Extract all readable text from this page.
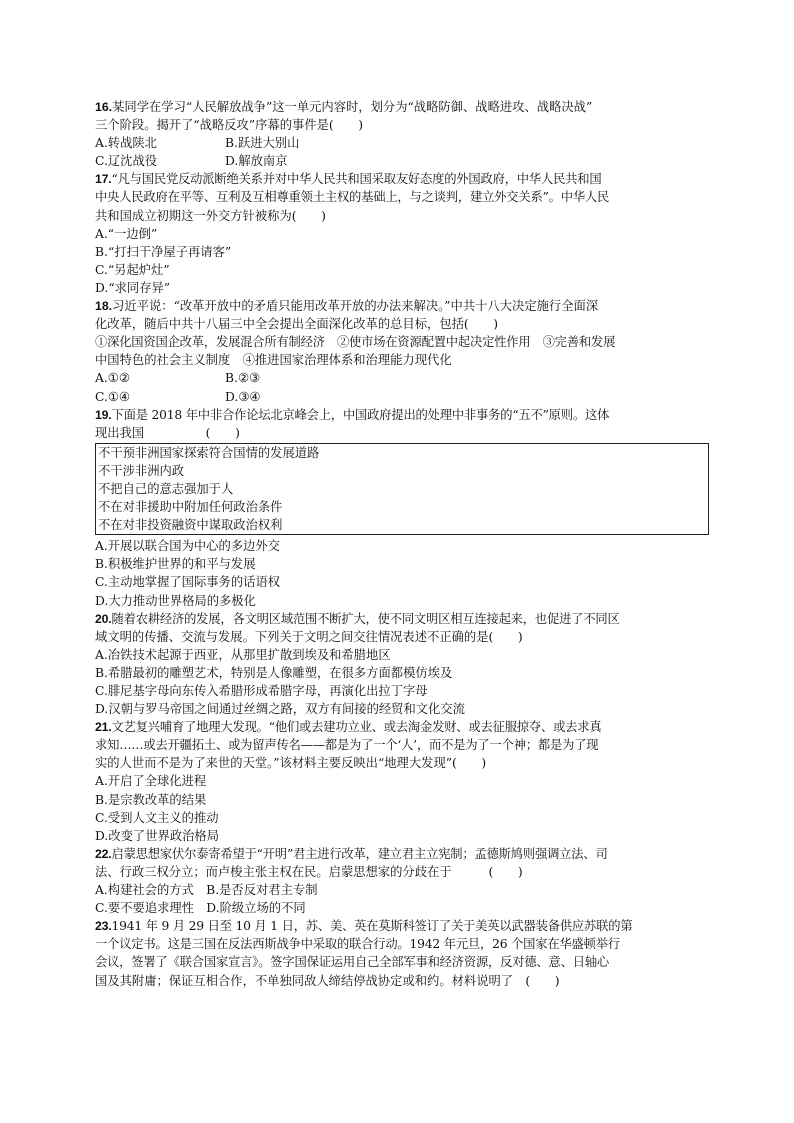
16.某同学在学习“人民解放战争”这一单元内容时，划分为“战略防御、战略进攻、战略决战”
三个阶段。揭开了“战略反攻”序幕的事件是(　　)
A.转战陕北	B.跃进大别山
C.辽沈战役	D.解放南京
17.“凡与国民党反动派断绝关系并对中华人民共和国采取友好态度的外国政府，中华人民共和国
中央人民政府在平等、互利及互相尊重领土主权的基础上，与之谈判，建立外交关系”。中华人民
共和国成立初期这一外交方针被称为(　　)
A.“一边倒”
B.“打扫干净屋子再请客”
C.“另起炉灶”
D.“求同存异”
18.习近平说：“改革开放中的矛盾只能用改革开放的办法来解决。”中共十八大决定施行全面深
化改革，随后中共十八届三中全会提出全面深化改革的总目标，包括(　　)
①深化国资国企改革，发展混合所有制经济　②使市场在资源配置中起决定性作用　③完善和发展
中国特色的社会主义制度　④推进国家治理体系和治理能力现代化
A.①②	B.②③
C.①④	D.③④
19.下面是 2018 年中非合作论坛北京峰会上，中国政府提出的处理中非事务的“五不”原则。这体
现出我国　　　　　(　　)
不干预非洲国家探索符合国情的发展道路
不干涉非洲内政
不把自己的意志强加于人
不在对非援助中附加任何政治条件
不在对非投资融资中谋取政治权利
A.开展以联合国为中心的多边外交
B.积极维护世界的和平与发展
C.主动地掌握了国际事务的话语权
D.大力推动世界格局的多极化
20.随着农耕经济的发展，各文明区域范围不断扩大，使不同文明区相互连接起来，也促进了不同区
域文明的传播、交流与发展。下列关于文明之间交往情况表述不正确的是(　　)
A.冶铁技术起源于西亚，从那里扩散到埃及和希腊地区
B.希腊最初的雕塑艺术，特别是人像雕塑，在很多方面都模仿埃及
C.腓尼基字母向东传入希腊形成希腊字母，再演化出拉丁字母
D.汉朝与罗马帝国之间通过丝绸之路，双方有间接的经贸和文化交流
21.文艺复兴哺育了地理大发现。“他们或去建功立业、或去淘金发财、或去征服掠夺、或去求真
求知……或去开疆拓土、或为留声传名——都是为了一个‘人’，而不是为了一个神；都是为了现
实的人世而不是为了来世的天堂。”该材料主要反映出“地理大发现”(　　)
A.开启了全球化进程
B.是宗教改革的结果
C.受到人文主义的推动
D.改变了世界政治格局
22.启蒙思想家伏尔泰寄希望于“开明”君主进行改革，建立君主立宪制；孟德斯鸠则强调立法、司
法、行政三权分立；而卢梭主张主权在民。启蒙思想家的分歧在于　　　(　　)
A.构建社会的方式　B.是否反对君主专制
C.要不要追求理性　D.阶级立场的不同
23.1941 年 9 月 29 日至 10 月 1 日，苏、美、英在莫斯科签订了关于美英以武器装备供应苏联的第
一个议定书。这是三国在反法西斯战争中采取的联合行动。1942 年元旦，26 个国家在华盛顿举行
会议，签署了《联合国家宣言》。签字国保证运用自己全部军事和经济资源，反对德、意、日轴心
国及其附庸；保证互相合作，不单独同敌人缔结停战协定或和约。材料说明了　(　　)
